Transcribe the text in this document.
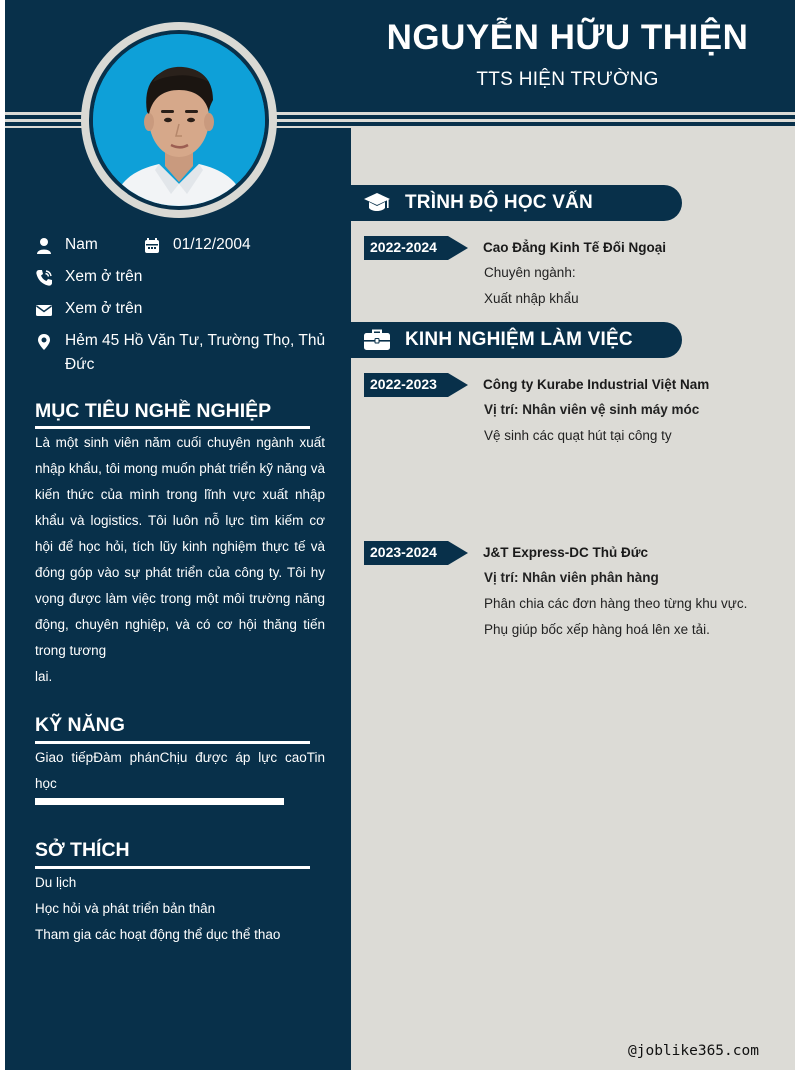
NGUYỄN HỮU THIỆN
TTS HIỆN TRƯỜNG
Nam	01/12/2004
Xem ở trên
Xem ở trên
Hẻm 45 Hồ Văn Tư, Trường Thọ, Thủ Đức
MỤC TIÊU NGHỀ NGHIỆP
Là một sinh viên năm cuối chuyên ngành xuất nhập khẩu, tôi mong muốn phát triển kỹ năng và kiến thức của mình trong lĩnh vực xuất nhập khẩu và logistics. Tôi luôn nỗ lực tìm kiếm cơ hội để học hỏi, tích lũy kinh nghiệm thực tế và đóng góp vào sự phát triển của công ty. Tôi hy vọng được làm việc trong một môi trường năng động, chuyên nghiệp, và có cơ hội thăng tiến trong tương
lai.
KỸ NĂNG
Giao tiếpĐàm phánChịu được áp lực caoTin học
SỞ THÍCH
Du lịch
Học hỏi và phát triển bản thân
Tham gia các hoạt động thể dục thể thao
TRÌNH ĐỘ HỌC VẤN
2022-2024	Cao Đẳng Kinh Tế Đối Ngoại
Chuyên ngành:
Xuất nhập khẩu
KINH NGHIỆM LÀM VIỆC
2022-2023	Công ty Kurabe Industrial Việt Nam
Vị trí: Nhân viên vệ sinh máy móc
Vệ sinh các quạt hút tại công ty
2023-2024	J&T Express-DC Thủ Đức
Vị trí: Nhân viên phân hàng
Phân chia các đơn hàng theo từng khu vực.
Phụ giúp bốc xếp hàng hoá lên xe tải.
@joblike365.com
